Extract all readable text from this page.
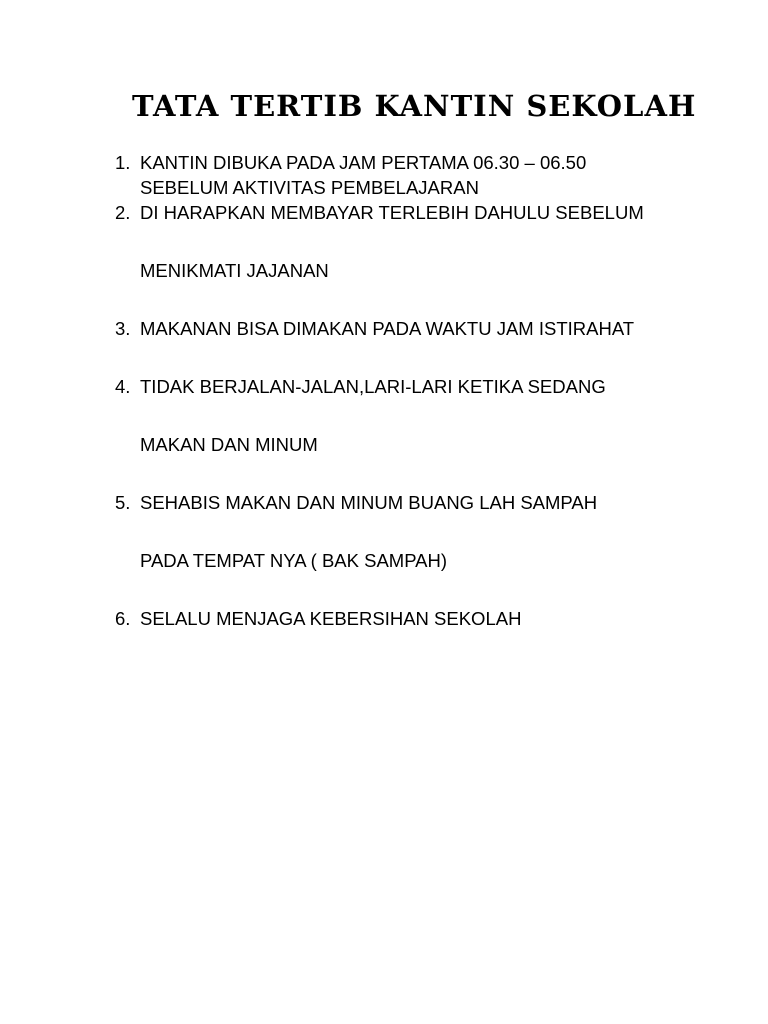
TATA TERTIB KANTIN SEKOLAH
1. KANTIN DIBUKA PADA JAM PERTAMA 06.30 – 06.50
SEBELUM AKTIVITAS PEMBELAJARAN
2. DI HARAPKAN MEMBAYAR TERLEBIH DAHULU SEBELUM
MENIKMATI JAJANAN
3. MAKANAN BISA DIMAKAN PADA WAKTU JAM ISTIRAHAT
4. TIDAK BERJALAN-JALAN,LARI-LARI KETIKA SEDANG
MAKAN DAN MINUM
5. SEHABIS MAKAN DAN MINUM BUANG LAH SAMPAH
PADA TEMPAT NYA ( BAK SAMPAH)
6. SELALU MENJAGA KEBERSIHAN SEKOLAH
